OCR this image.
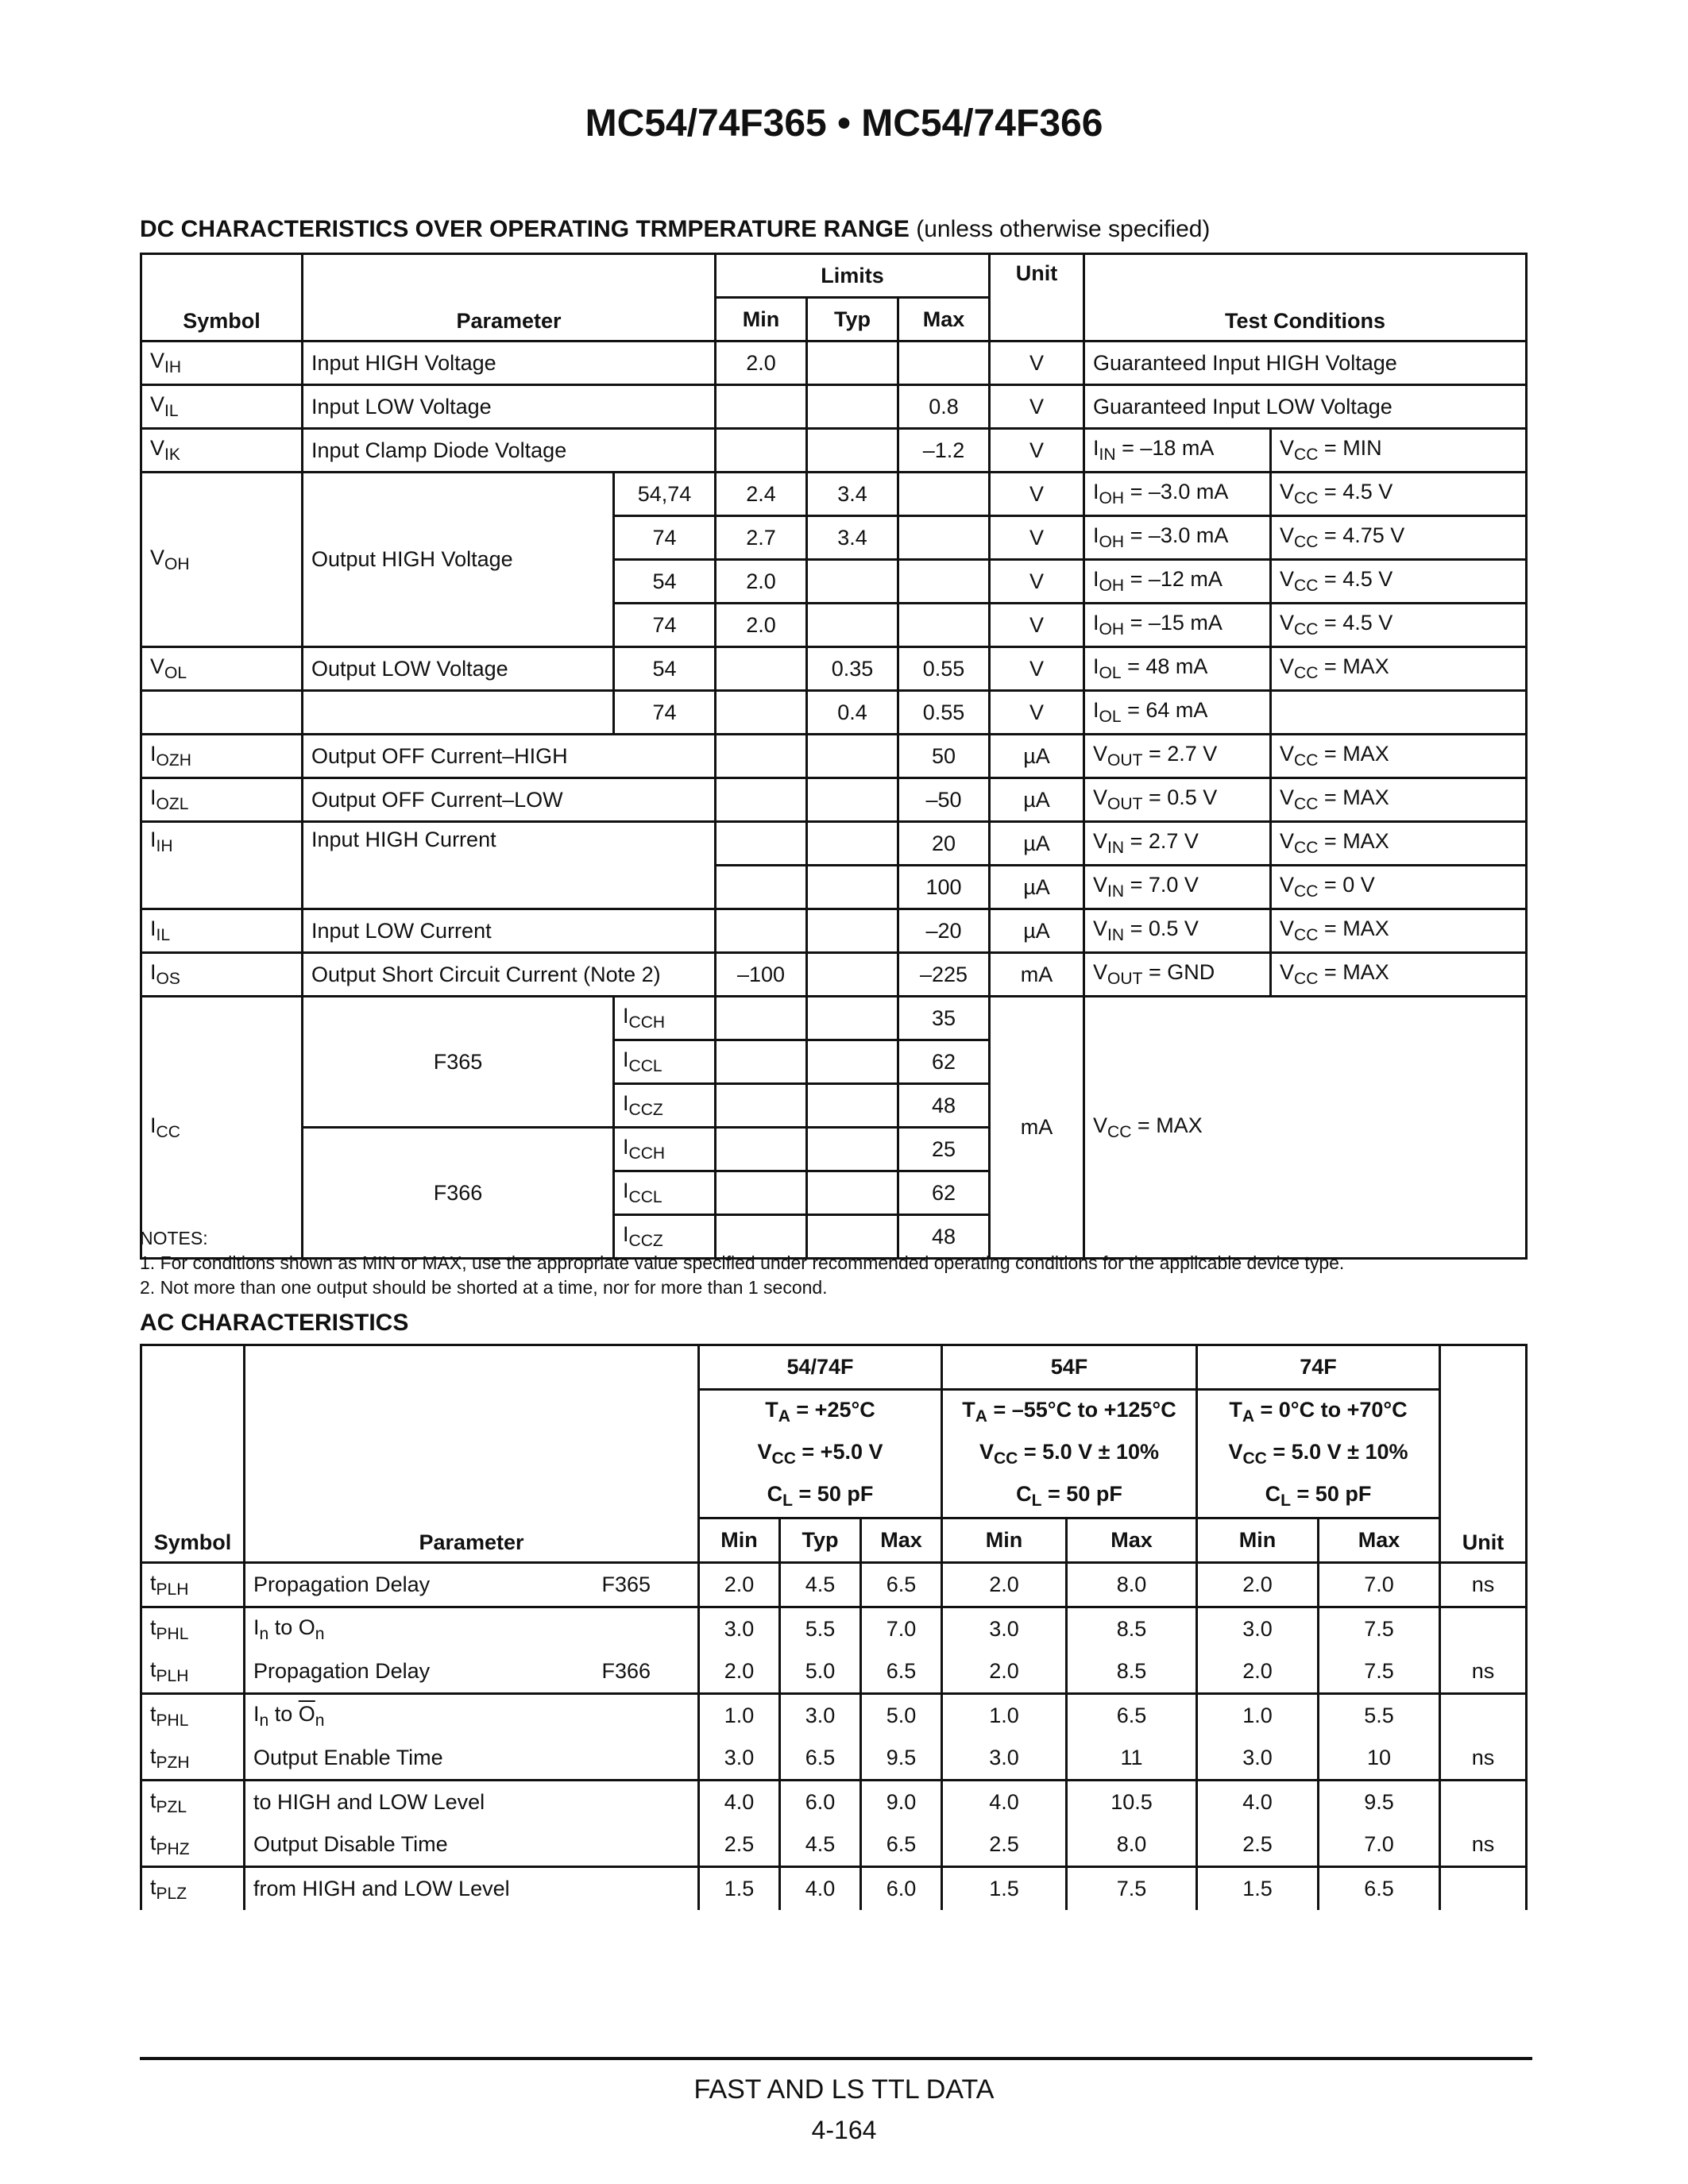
MC54/74F365 • MC54/74F366
DC CHARACTERISTICS OVER OPERATING TRMPERATURE RANGE (unless otherwise specified)
Symbol	Parameter		Limits			Unit	Test Conditions	
			Min	Typ	Max			
$V_{IH}$	Input HIGH Voltage		2.0			V	Guaranteed Input HIGH Voltage	
$V_{IL}$	Input LOW Voltage				0.8	V	Guaranteed Input LOW Voltage	
$V_{IK}$	Input Clamp Diode Voltage				–1.2	V	$I_{IN} = -18$ mA	$V_{CC}$ = MIN
$V_{OH}$	Output HIGH Voltage	54,74	2.4	3.4		V	$I_{OH} = -3.0$ mA	$V_{CC} = 4.5$ V
		74	2.7	3.4		V	$I_{OH} = -3.0$ mA	$V_{CC} = 4.75$ V
		54	2.0			V	$I_{OH} = -12$ mA	$V_{CC} = 4.5$ V
		74	2.0			V	$I_{OH} = -15$ mA	$V_{CC} = 4.5$ V
$V_{OL}$	Output LOW Voltage	54		0.35	0.55	V	$I_{OL} = 48$ mA	$V_{CC}$ = MAX
		74		0.4	0.55	V	$I_{OL} = 64$ mA	
$I_{OZH}$	Output OFF Current–HIGH				50	µA	$V_{OUT} = 2.7$ V	$V_{CC}$ = MAX
$I_{OZL}$	Output OFF Current–LOW				–50	µA	$V_{OUT} = 0.5$ V	$V_{CC}$ = MAX
$I_{IH}$	Input HIGH Current				20	µA	$V_{IN} = 2.7$ V	$V_{CC}$ = MAX
					100	µA	$V_{IN} = 7.0$ V	$V_{CC} = 0$ V
$I_{IL}$	Input LOW Current				–20	µA	$V_{IN} = 0.5$ V	$V_{CC}$ = MAX
$I_{OS}$	Output Short Circuit Current (Note 2)		–100		–225	mA	$V_{OUT}$ = GND	$V_{CC}$ = MAX
$I_{CC}$	F365	$I_{CCH}$			35	mA	$V_{CC}$ = MAX	
		$I_{CCL}$			62			
		$I_{CCZ}$			48			
	F366	$I_{CCH}$			25			
		$I_{CCL}$			62			
		$I_{CCZ}$			48			
NOTES:
1. For conditions shown as MIN or MAX, use the appropriate value specified under recommended operating conditions for the applicable device type.
2. Not more than one output should be shorted at a time, nor for more than 1 second.
AC CHARACTERISTICS
Symbol	Parameter		54/74F			54F		74F		Unit
			$T_A = +25^\circ C$			$T_A = -55^\circ C$ to +125°C		$T_A = 0^\circ C$ to +70°C		
			$V_{CC} = +5.0$ V			$V_{CC} = 5.0$ V ± 10%		$V_{CC} = 5.0$ V ± 10%		
			$C_L = 50$ pF			$C_L = 50$ pF		$C_L = 50$ pF		
			Min	Typ	Max	Min	Max	Min	Max	
$t_{PLH}$	Propagation Delay	F365	2.0	4.5	6.5	2.0	8.0	2.0	7.0	ns
$t_{PHL}$	$I_n$ to $O_n$		3.0	5.5	7.0	3.0	8.5	3.0	7.5	
$t_{PLH}$	Propagation Delay	F366	2.0	5.0	6.5	2.0	8.5	2.0	7.5	ns
$t_{PHL}$	$I_n$ to $\overline{O}_n$		1.0	3.0	5.0	1.0	6.5	1.0	5.5	
$t_{PZH}$	Output Enable Time		3.0	6.5	9.5	3.0	11	3.0	10	ns
$t_{PZL}$	to HIGH and LOW Level		4.0	6.0	9.0	4.0	10.5	4.0	9.5	
$t_{PHZ}$	Output Disable Time		2.5	4.5	6.5	2.5	8.0	2.5	7.0	ns
$t_{PLZ}$	from HIGH and LOW Level		1.5	4.0	6.0	1.5	7.5	1.5	6.5	
FAST AND LS TTL DATA
4-164
